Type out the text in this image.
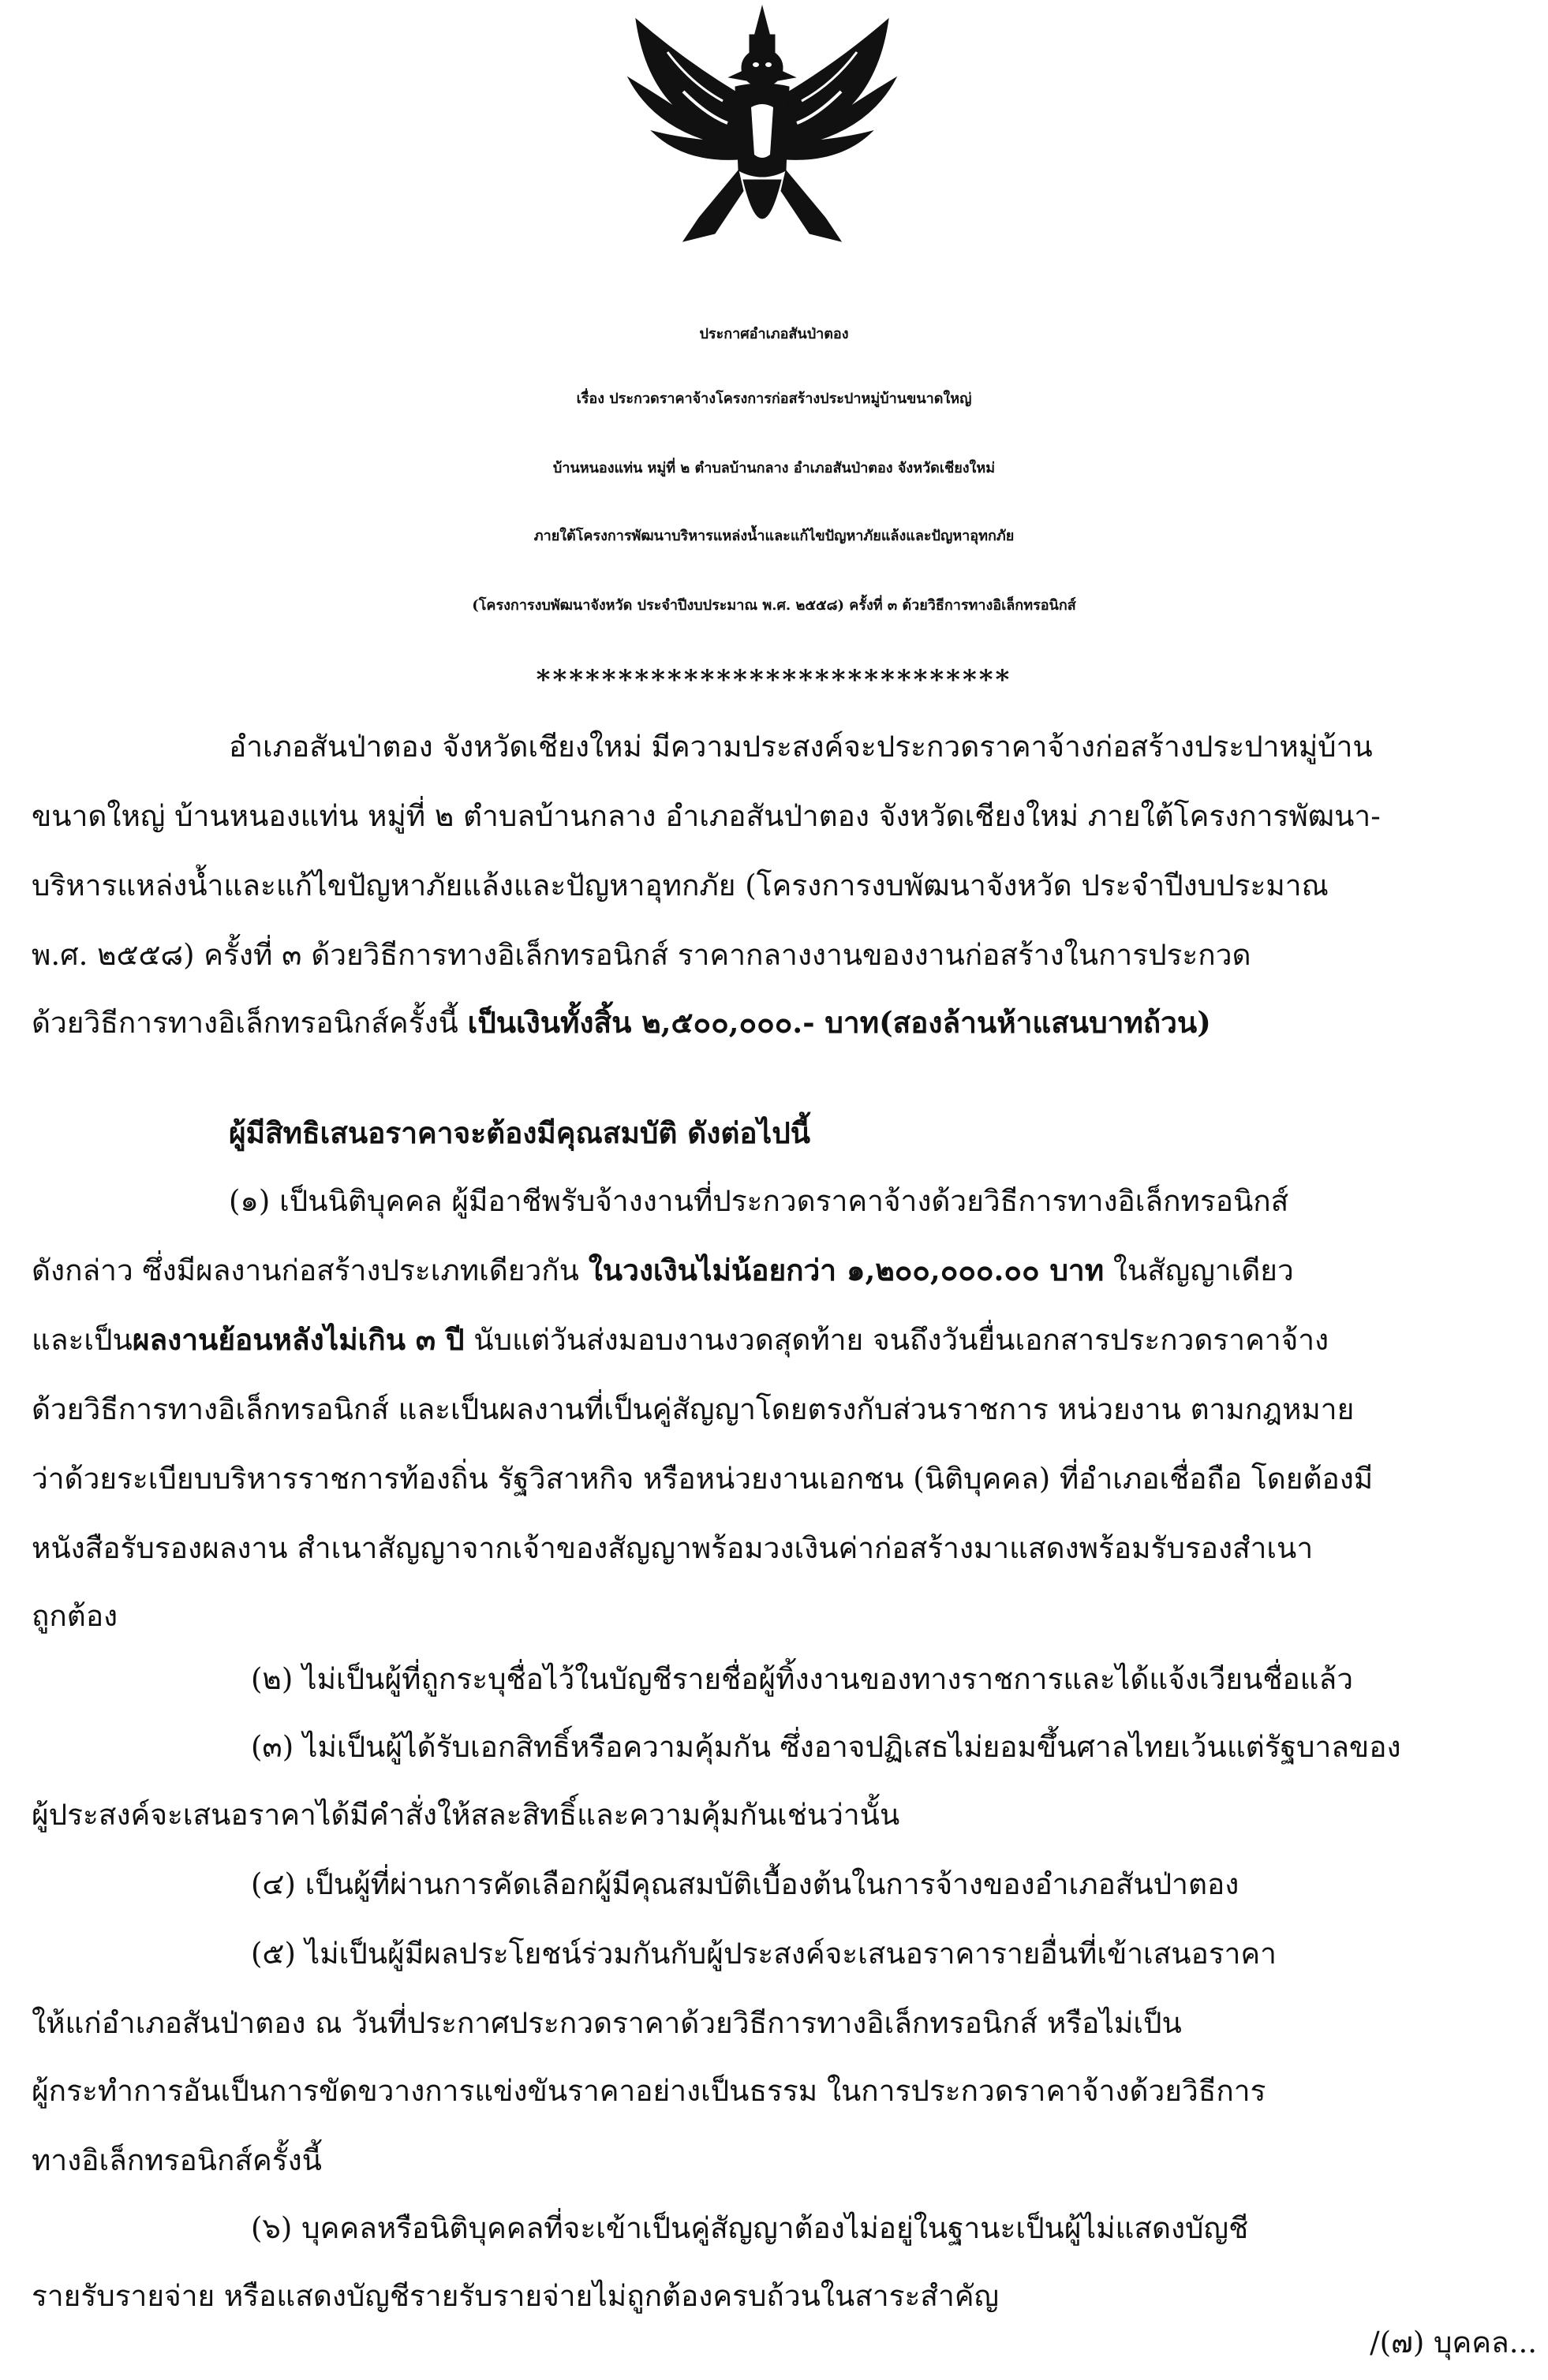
ประกาศอำเภอสันป่าตอง
เรื่อง ประกวดราคาจ้างโครงการก่อสร้างประปาหมู่บ้านขนาดใหญ่
บ้านหนองแท่น หมู่ที่ ๒ ตำบลบ้านกลาง อำเภอสันป่าตอง จังหวัดเชียงใหม่
ภายใต้โครงการพัฒนาบริหารแหล่งน้ำและแก้ไขปัญหาภัยแล้งและปัญหาอุทกภัย
(โครงการงบพัฒนาจังหวัด ประจำปีงบประมาณ พ.ศ. ๒๕๕๘) ครั้งที่ ๓ ด้วยวิธีการทางอิเล็กทรอนิกส์
*****************************
อำเภอสันป่าตอง จังหวัดเชียงใหม่ มีความประสงค์จะประกวดราคาจ้างก่อสร้างประปาหมู่บ้าน
ขนาดใหญ่ บ้านหนองแท่น หมู่ที่ ๒ ตำบลบ้านกลาง อำเภอสันป่าตอง จังหวัดเชียงใหม่ ภายใต้โครงการพัฒนา-
บริหารแหล่งน้ำและแก้ไขปัญหาภัยแล้งและปัญหาอุทกภัย (โครงการงบพัฒนาจังหวัด ประจำปีงบประมาณ
พ.ศ. ๒๕๕๘) ครั้งที่ ๓ ด้วยวิธีการทางอิเล็กทรอนิกส์ ราคากลางงานของงานก่อสร้างในการประกวด
ด้วยวิธีการทางอิเล็กทรอนิกส์ครั้งนี้ เป็นเงินทั้งสิ้น ๒,๕๐๐,๐๐๐.- บาท(สองล้านห้าแสนบาทถ้วน)
ผู้มีสิทธิเสนอราคาจะต้องมีคุณสมบัติ ดังต่อไปนี้
(๑) เป็นนิติบุคคล ผู้มีอาชีพรับจ้างงานที่ประกวดราคาจ้างด้วยวิธีการทางอิเล็กทรอนิกส์
ดังกล่าว ซึ่งมีผลงานก่อสร้างประเภทเดียวกัน ในวงเงินไม่น้อยกว่า ๑,๒๐๐,๐๐๐.๐๐ บาท ในสัญญาเดียว
และเป็นผลงานย้อนหลังไม่เกิน ๓ ปี นับแต่วันส่งมอบงานงวดสุดท้าย จนถึงวันยื่นเอกสารประกวดราคาจ้าง
ด้วยวิธีการทางอิเล็กทรอนิกส์ และเป็นผลงานที่เป็นคู่สัญญาโดยตรงกับส่วนราชการ หน่วยงาน ตามกฎหมาย
ว่าด้วยระเบียบบริหารราชการท้องถิ่น รัฐวิสาหกิจ หรือหน่วยงานเอกชน (นิติบุคคล) ที่อำเภอเชื่อถือ โดยต้องมี
หนังสือรับรองผลงาน สำเนาสัญญาจากเจ้าของสัญญาพร้อมวงเงินค่าก่อสร้างมาแสดงพร้อมรับรองสำเนา
ถูกต้อง
(๒) ไม่เป็นผู้ที่ถูกระบุชื่อไว้ในบัญชีรายชื่อผู้ทิ้งงานของทางราชการและได้แจ้งเวียนชื่อแล้ว
(๓) ไม่เป็นผู้ได้รับเอกสิทธิ์หรือความคุ้มกัน ซึ่งอาจปฏิเสธไม่ยอมขึ้นศาลไทยเว้นแต่รัฐบาลของ
ผู้ประสงค์จะเสนอราคาได้มีคำสั่งให้สละสิทธิ์และความคุ้มกันเช่นว่านั้น
(๔) เป็นผู้ที่ผ่านการคัดเลือกผู้มีคุณสมบัติเบื้องต้นในการจ้างของอำเภอสันป่าตอง
(๕) ไม่เป็นผู้มีผลประโยชน์ร่วมกันกับผู้ประสงค์จะเสนอราคารายอื่นที่เข้าเสนอราคา
ให้แก่อำเภอสันป่าตอง ณ วันที่ประกาศประกวดราคาด้วยวิธีการทางอิเล็กทรอนิกส์ หรือไม่เป็น
ผู้กระทำการอันเป็นการขัดขวางการแข่งขันราคาอย่างเป็นธรรม ในการประกวดราคาจ้างด้วยวิธีการ
ทางอิเล็กทรอนิกส์ครั้งนี้
(๖) บุคคลหรือนิติบุคคลที่จะเข้าเป็นคู่สัญญาต้องไม่อยู่ในฐานะเป็นผู้ไม่แสดงบัญชี
รายรับรายจ่าย หรือแสดงบัญชีรายรับรายจ่ายไม่ถูกต้องครบถ้วนในสาระสำคัญ
/(๗) บุคคล...
